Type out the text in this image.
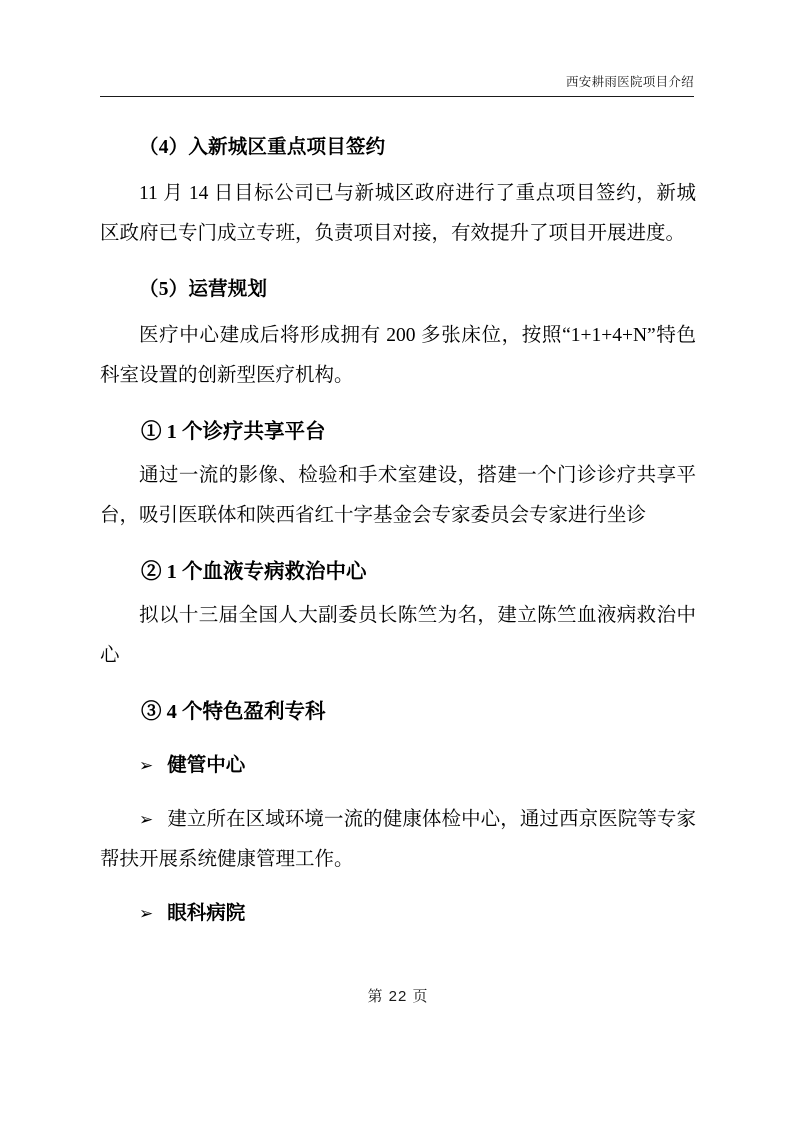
西安耕雨医院项目介绍

（4）入新城区重点项目签约

11 月 14 日目标公司已与新城区政府进行了重点项目签约，新城区政府已专门成立专班，负责项目对接，有效提升了项目开展进度。

（5）运营规划

医疗中心建成后将形成拥有 200 多张床位，按照“1+1+4+N”特色科室设置的创新型医疗机构。

① 1 个诊疗共享平台

通过一流的影像、检验和手术室建设，搭建一个门诊诊疗共享平台，吸引医联体和陕西省红十字基金会专家委员会专家进行坐诊

② 1 个血液专病救治中心

拟以十三届全国人大副委员长陈竺为名，建立陈竺血液病救治中心

③ 4 个特色盈利专科

➢ 健管中心

➢ 建立所在区域环境一流的健康体检中心，通过西京医院等专家帮扶开展系统健康管理工作。

➢ 眼科病院

第 22 页
